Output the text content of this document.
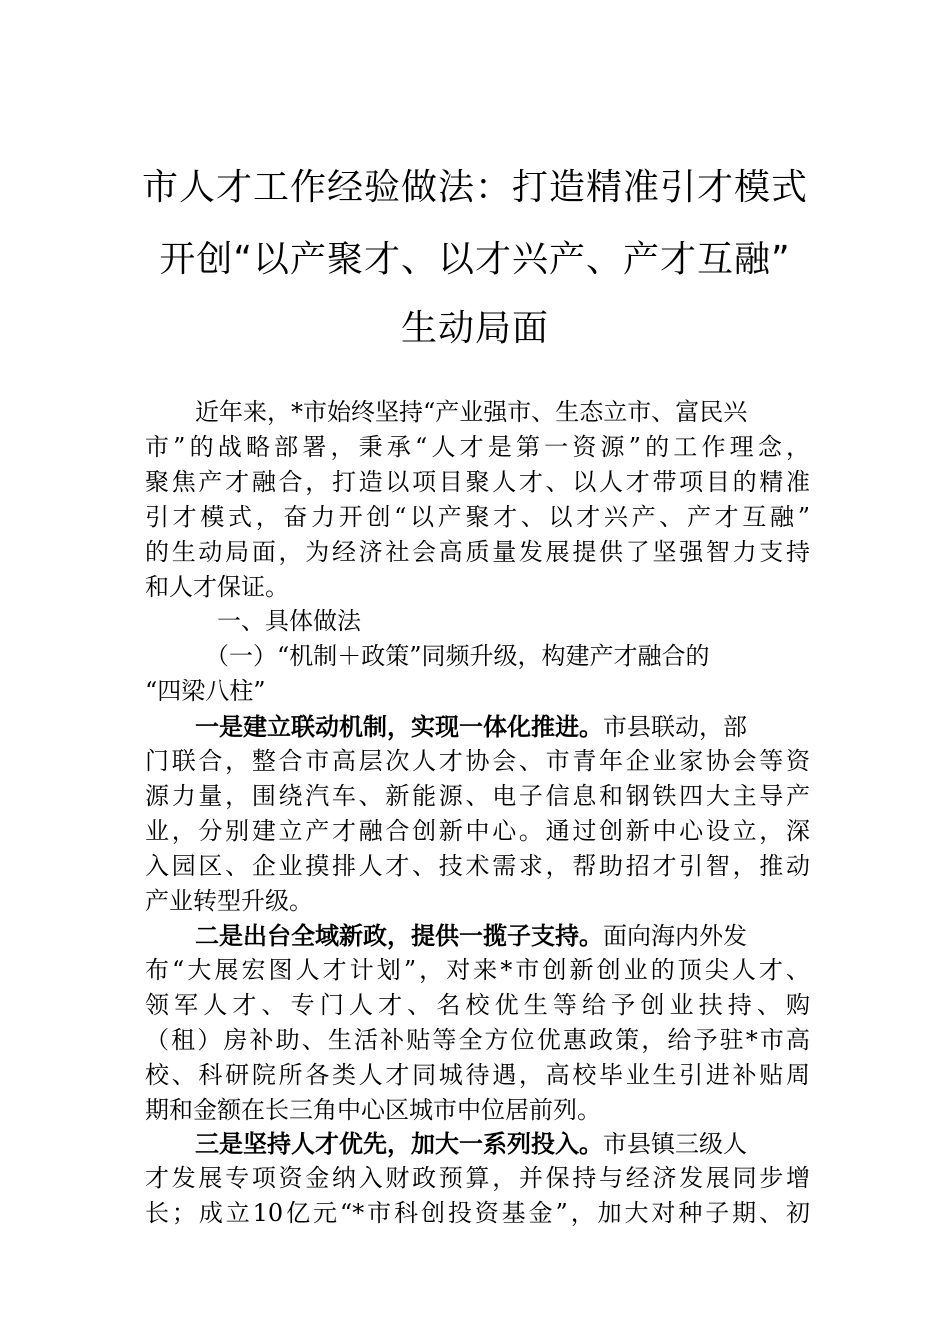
市人才工作经验做法：打造精准引才模式
开创“以产聚才、以才兴产、产才互融”
生动局面
近年来，*市始终坚持“产业强市、生态立市、富民兴
市”的战略部署，秉承“人才是第一资源”的工作理念，
聚焦产才融合，打造以项目聚人才、以人才带项目的精准
引才模式，奋力开创“以产聚才、以才兴产、产才互融”
的生动局面，为经济社会高质量发展提供了坚强智力支持
和人才保证。
一、具体做法
（一）“机制＋政策”同频升级，构建产才融合的
“四梁八柱”
一是建立联动机制，实现一体化推进。市县联动，部
门联合，整合市高层次人才协会、市青年企业家协会等资
源力量，围绕汽车、新能源、电子信息和钢铁四大主导产
业，分别建立产才融合创新中心。通过创新中心设立，深
入园区、企业摸排人才、技术需求，帮助招才引智，推动
产业转型升级。
二是出台全域新政，提供一揽子支持。面向海内外发
布“大展宏图人才计划”，对来*市创新创业的顶尖人才、
领军人才、专门人才、名校优生等给予创业扶持、购
（租）房补助、生活补贴等全方位优惠政策，给予驻*市高
校、科研院所各类人才同城待遇，高校毕业生引进补贴周
期和金额在长三角中心区城市中位居前列。
三是坚持人才优先，加大一系列投入。市县镇三级人
才发展专项资金纳入财政预算，并保持与经济发展同步增
长；成立10亿元“*市科创投资基金”，加大对种子期、初
